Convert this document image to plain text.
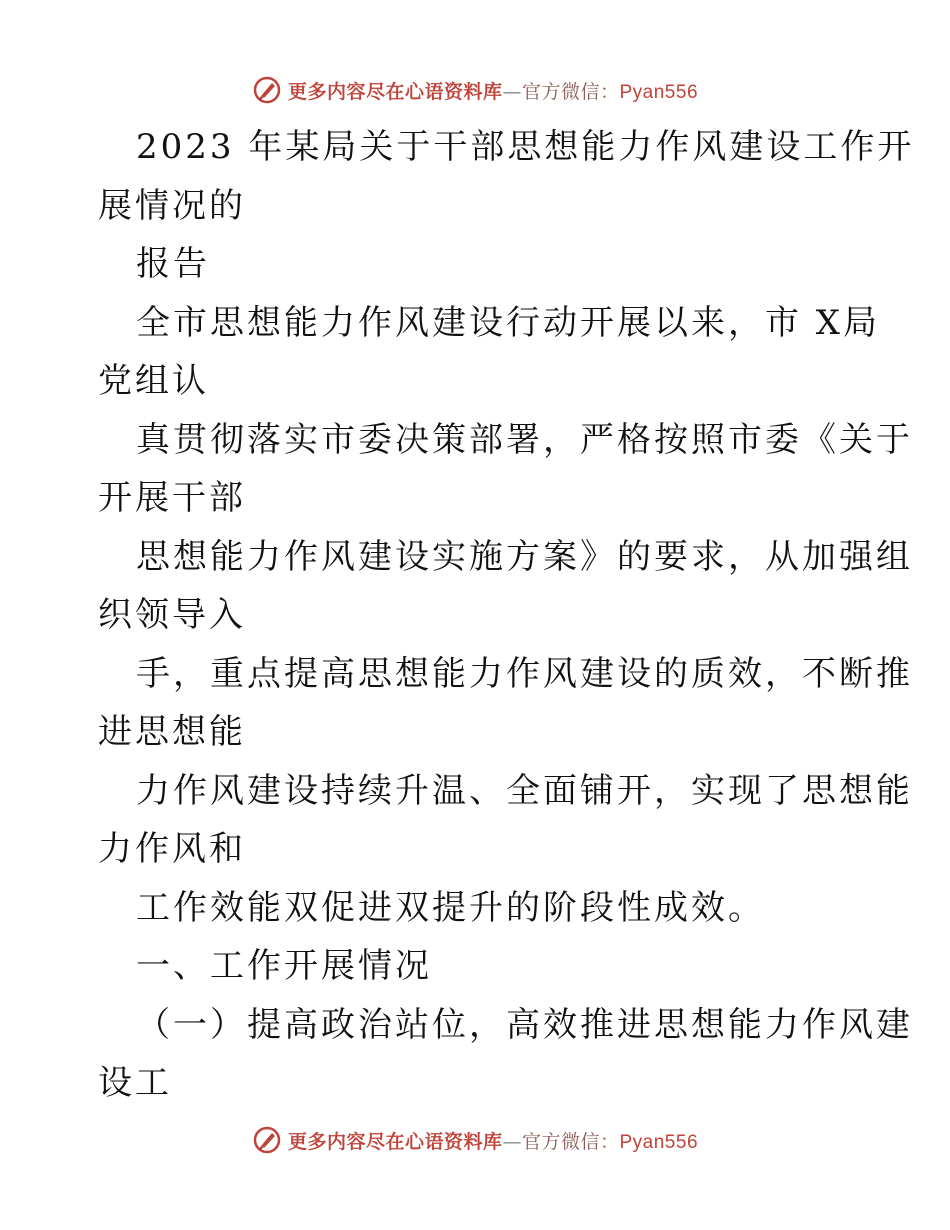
更多内容尽在心语资料库—官方微信：Pyan556
2023 年某局关于干部思想能力作风建设工作开
展情况的
报告
全市思想能力作风建设行动开展以来，市 X局
党组认
真贯彻落实市委决策部署，严格按照市委《关于
开展干部
思想能力作风建设实施方案》的要求，从加强组
织领导入
手，重点提高思想能力作风建设的质效，不断推
进思想能
力作风建设持续升温、全面铺开，实现了思想能
力作风和
工作效能双促进双提升的阶段性成效。
一、工作开展情况
（一）提高政治站位，高效推进思想能力作风建
设工
更多内容尽在心语资料库—官方微信：Pyan556
